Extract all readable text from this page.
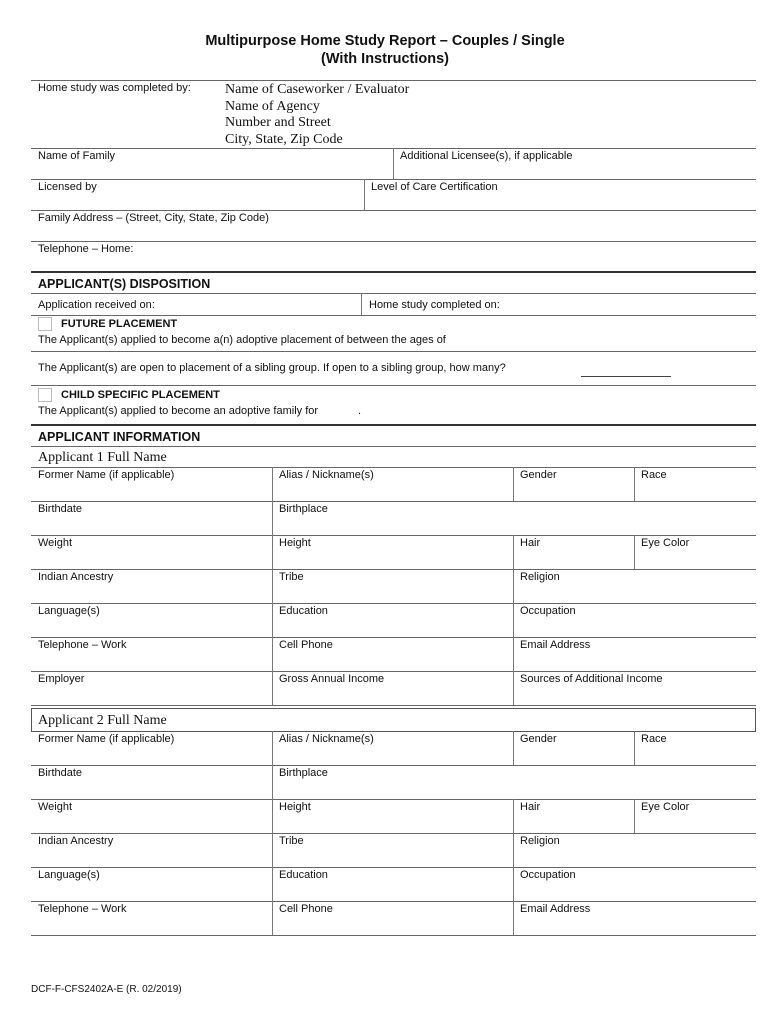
Multipurpose Home Study Report – Couples / Single
(With Instructions)
Home study was completed by: Name of Caseworker / Evaluator
Name of Agency
Number and Street
City, State, Zip Code
Name of Family	Additional Licensee(s), if applicable
Licensed by	Level of Care Certification
Family Address – (Street, City, State, Zip Code)
Telephone – Home:
APPLICANT(S) DISPOSITION
Application received on:	Home study completed on:
FUTURE PLACEMENT
The Applicant(s) applied to become a(n) adoptive placement of between the ages of
The Applicant(s) are open to placement of a sibling group. If open to a sibling group, how many?
CHILD SPECIFIC PLACEMENT
The Applicant(s) applied to become an adoptive family for	.
APPLICANT INFORMATION
Applicant 1 Full Name
Former Name (if applicable)	Alias / Nickname(s)	Gender	Race
Birthdate	Birthplace
Weight	Height	Hair	Eye Color
Indian Ancestry	Tribe	Religion
Language(s)	Education	Occupation
Telephone – Work	Cell Phone	Email Address
Employer	Gross Annual Income	Sources of Additional Income
Applicant 2 Full Name
Former Name (if applicable)	Alias / Nickname(s)	Gender	Race
Birthdate	Birthplace
Weight	Height	Hair	Eye Color
Indian Ancestry	Tribe	Religion
Language(s)	Education	Occupation
Telephone – Work	Cell Phone	Email Address
DCF-F-CFS2402A-E (R. 02/2019)
